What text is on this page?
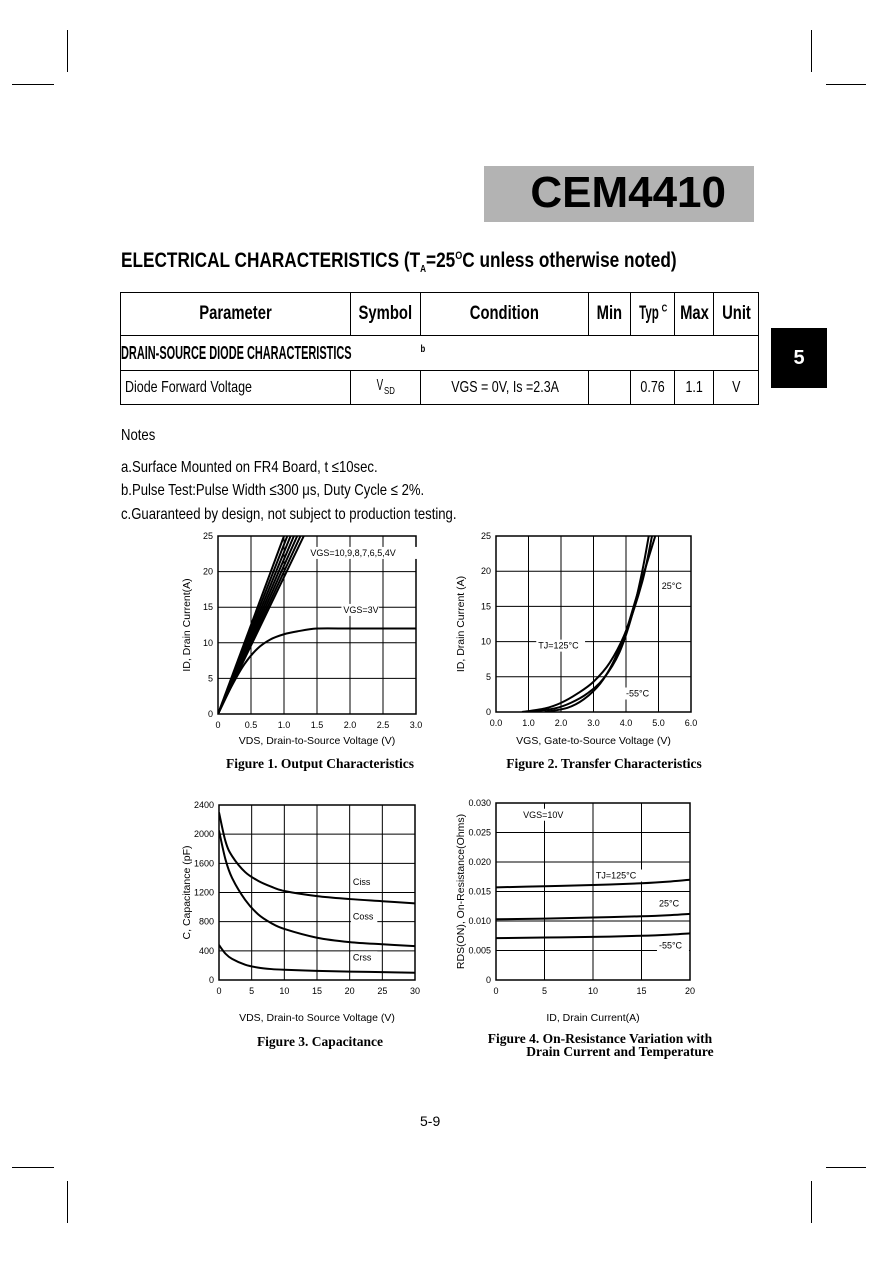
CEM4410
5
ELECTRICAL CHARACTERISTICS ($T_A=25^OC$ unless otherwise noted)
Parameter	Symbol	Condition	Min	Typ $^C$	Max	Unit
DRAIN-SOURCE DIODE CHARACTERISTICS $^b$
Diode Forward Voltage	$V_{SD}$	VGS = 0V, Is =2.3A		0.76	1.1	V
Notes
a.Surface Mounted on FR4 Board, t ≤10sec.
b.Pulse Test:Pulse Width ≤300 μs, Duty Cycle ≤ 2%.
c.Guaranteed by design, not subject to production testing.
0	0.5 1.0 1.5 2.0 2.5 3.0
0
5
10
15
20
25
VDS, Drain-to-Source Voltage (V)
ID, Drain Current(A)
VGS=10,9,8,7,6,5,4V
VGS=3V
Figure 1. Output Characteristics
0.0 1.0 2.0 3.0 4.0 5.0 6.0
0
5
10
15
20
25
VGS, Gate-to-Source Voltage (V)
ID, Drain Current (A)	25°C
TJ=125°C
-55°C
Figure 2. Transfer Characteristics
0	5	10	15	20	25	30
0
400
800
1200
1600
2000
2400
VDS, Drain-to Source Voltage (V)
C, Capacitance (pF)	Ciss
Coss
Crss
Figure 3. Capacitance
0	5	10	15	20
0
0.005
0.010
0.015
0.020
0.025
0.030
ID, Drain Current(A)
RDS(ON), On-Resistance(Ohms)	VGS=10V
TJ=125°C
25°C
-55°C
Figure 4. On-Resistance Variation with
Drain Current and Temperature
5-9
